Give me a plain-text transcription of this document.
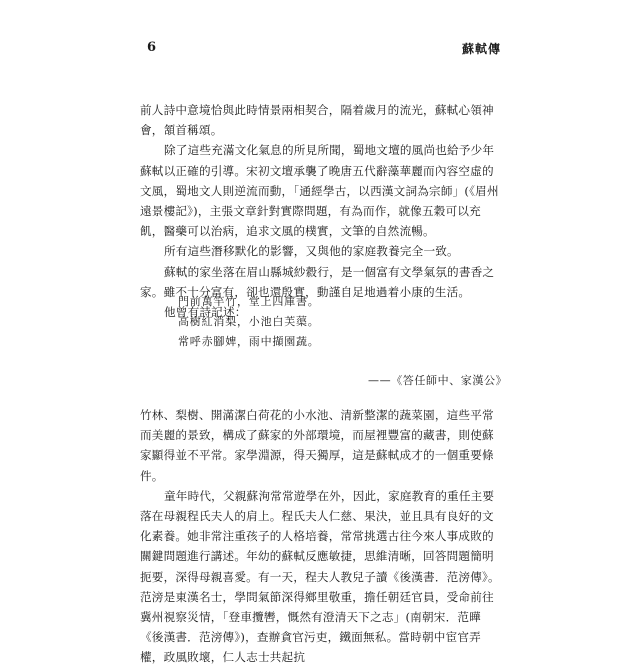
6	蘇軾傳

前人詩中意境恰與此時情景兩相契合，隔着歲月的流光，蘇軾心領神會，頷首稱頌。

除了這些充滿文化氣息的所見所聞，蜀地文壇的風尚也給予少年蘇軾以正確的引導。宋初文壇承襲了晚唐五代辭藻華麗而內容空虛的文風，蜀地文人則逆流而動，「通經學古，以西漢文詞為宗師」(《眉州遠景樓記》)，主張文章針對實際問題，有為而作，就像五穀可以充飢，醫藥可以治病，追求文風的樸實，文筆的自然流暢。

所有這些潛移默化的影響，又與他的家庭教養完全一致。

蘇軾的家坐落在眉山縣城紗縠行，是一個富有文學氣氛的書香之家。雖不十分富有，卻也還殷實，動謹自足地過着小康的生活。

他曾有詩記述：

門前萬竿竹，堂上四庫書。
高樹紅消梨，小池白芙蕖。
常呼赤腳婢，雨中擷園蔬。
——《答任師中、家漢公》

竹林、梨樹、開滿潔白荷花的小水池、清新整潔的蔬菜園，這些平常而美麗的景致，構成了蘇家的外部環境，而屋裡豐富的藏書，則使蘇家顯得並不平常。家學淵源，得天獨厚，這是蘇軾成才的一個重要條件。

童年時代，父親蘇洵常常遊學在外，因此，家庭教育的重任主要落在母親程氏夫人的肩上。程氏夫人仁慈、果決，並且具有良好的文化素養。她非常注重孩子的人格培養，常常挑選古往今來人事成敗的關鍵問題進行講述。年幼的蘇軾反應敏捷，思維清晰，回答問題簡明扼要，深得母親喜愛。有一天，程夫人教兒子讀《後漢書．范滂傳》。范滂是東漢名士，學問氣節深得鄉里敬重，擔任朝廷官員，受命前往冀州視察災情，「登車攬轡，慨然有澄清天下之志」(南朝宋．范曄《後漢書．范滂傳》)，查辦貪官污吏，鐵面無私。當時朝中宦官弄權，政風敗壞，仁人志士共起抗
